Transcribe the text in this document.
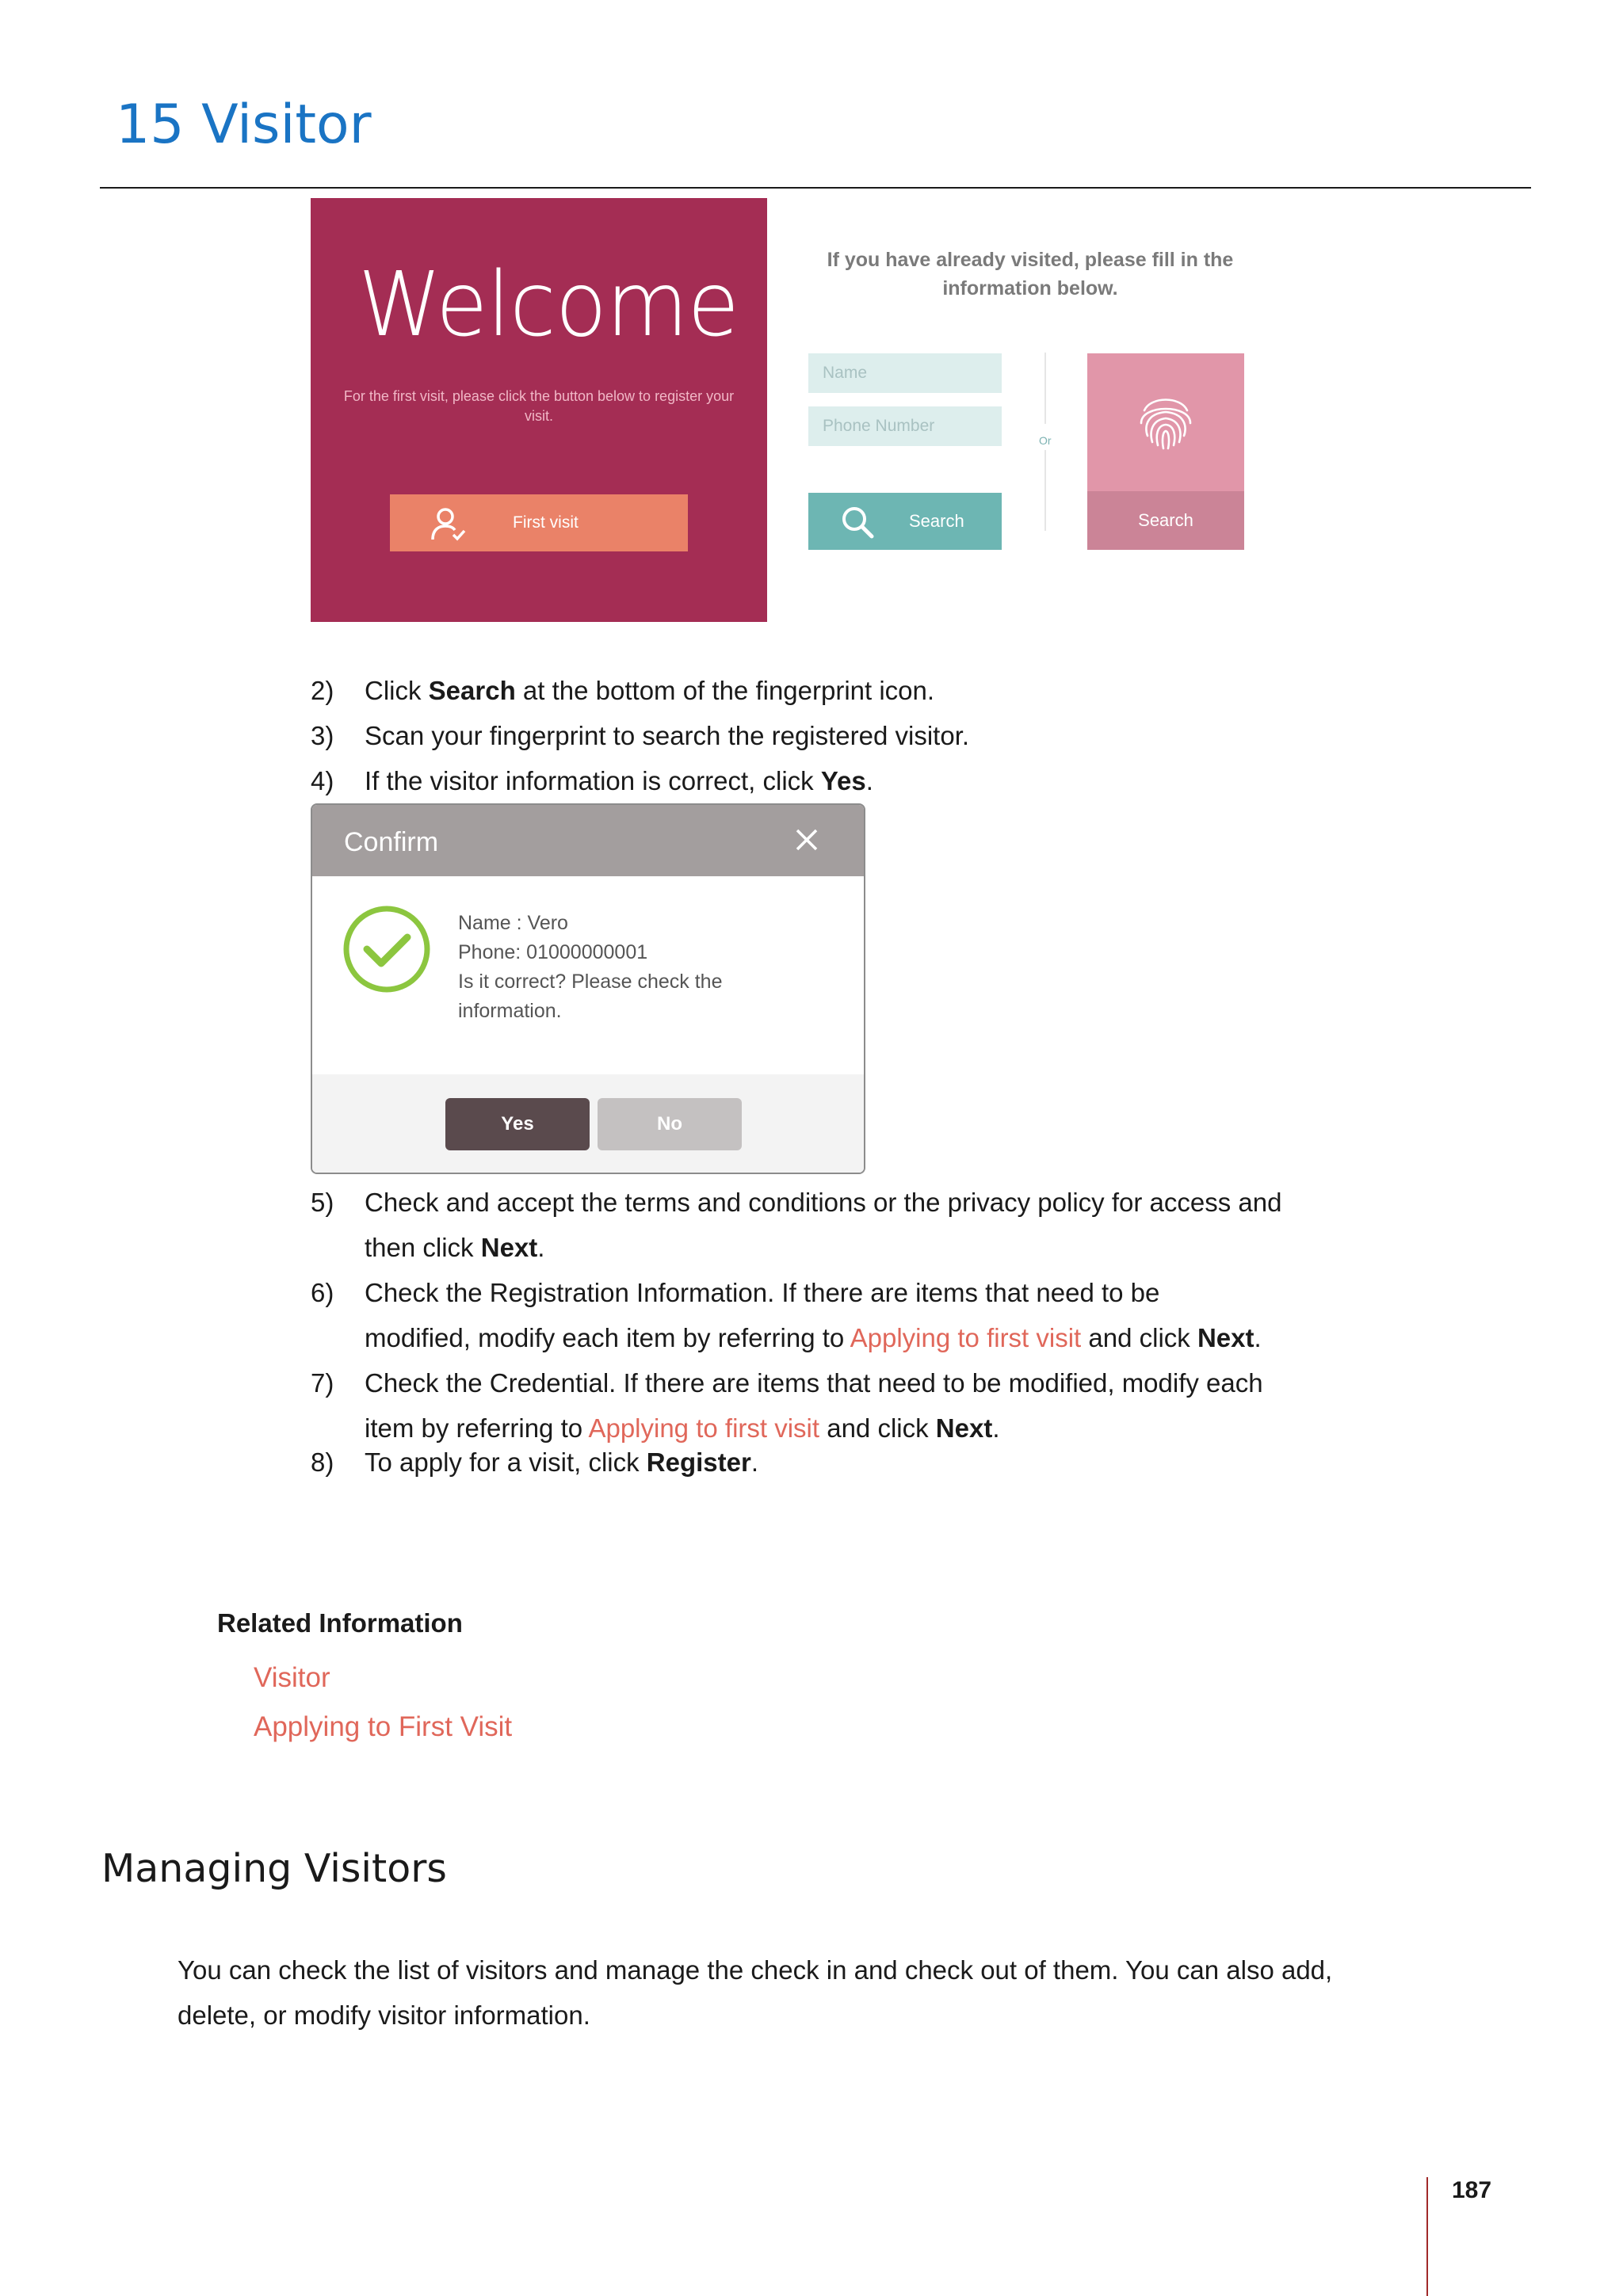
15 Visitor
Welcome
For the first visit, please click the button below to register your visit.
First visit
If you have already visited, please fill in the information below.
Name
Phone Number
Or
Search	Search
2) Click Search at the bottom of the fingerprint icon.
3) Scan your fingerprint to search the registered visitor.
4) If the visitor information is correct, click Yes.
Confirm
Name : Vero
Phone: 01000000001
Is it correct? Please check the
information.
Yes	No
5) Check and accept the terms and conditions or the privacy policy for access and
then click Next.
6) Check the Registration Information. If there are items that need to be
modified, modify each item by referring to Applying to first visit and click Next.
7) Check the Credential. If there are items that need to be modified, modify each
item by referring to Applying to first visit and click Next.
8) To apply for a visit, click Register.
Related Information
Visitor
Applying to First Visit
Managing Visitors
You can check the list of visitors and manage the check in and check out of them. You can also add,
delete, or modify visitor information.
187
